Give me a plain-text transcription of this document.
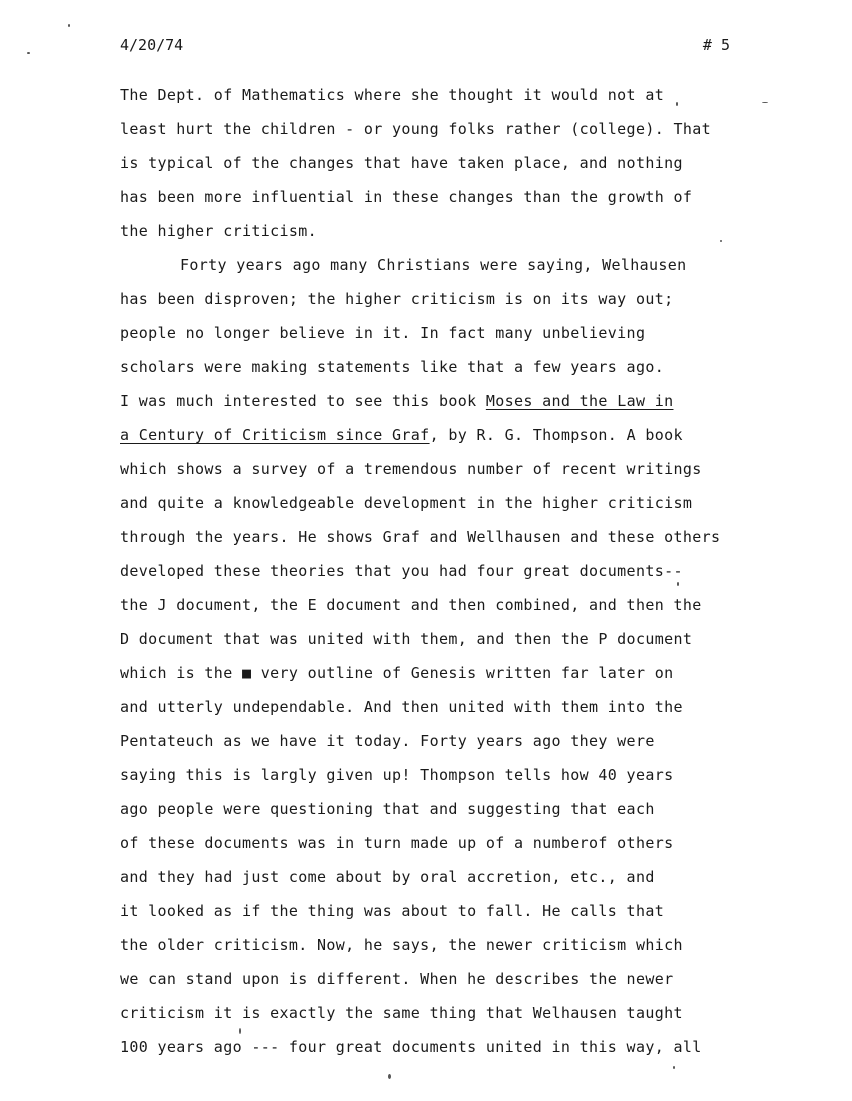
4/20/74	# 5
The Dept. of Mathematics where she thought it would not at
least hurt the children - or young folks rather (college). That
is typical of the changes that have taken place, and nothing
has been more influential in these changes than the growth of
the higher criticism.
Forty years ago many Christians were saying, Welhausen
has been disproven; the higher criticism is on its way out;
people no longer believe in it. In fact many unbelieving
scholars were making statements like that a few years ago.
I was much interested to see this book Moses and the Law in
a Century of Criticism since Graf, by R. G. Thompson. A book
which shows a survey of a tremendous number of recent writings
and quite a knowledgeable development in the higher criticism
through the years. He shows Graf and Wellhausen and these others
developed these theories that you had four great documents--
the J document, the E document and then combined, and then the
D document that was united with them, and then the P document
which is the ■ very outline of Genesis written far later on
and utterly undependable. And then united with them into the
Pentateuch as we have it today. Forty years ago they were
saying this is largly given up! Thompson tells how 40 years
ago people were questioning that and suggesting that each
of these documents was in turn made up of a numberof others
and they had just come about by oral accretion, etc., and
it looked as if the thing was about to fall. He calls that
the older criticism. Now, he says, the newer criticism which
we can stand upon is different. When he describes the newer
criticism it is exactly the same thing that Welhausen taught
100 years ago --- four great documents united in this way, all
